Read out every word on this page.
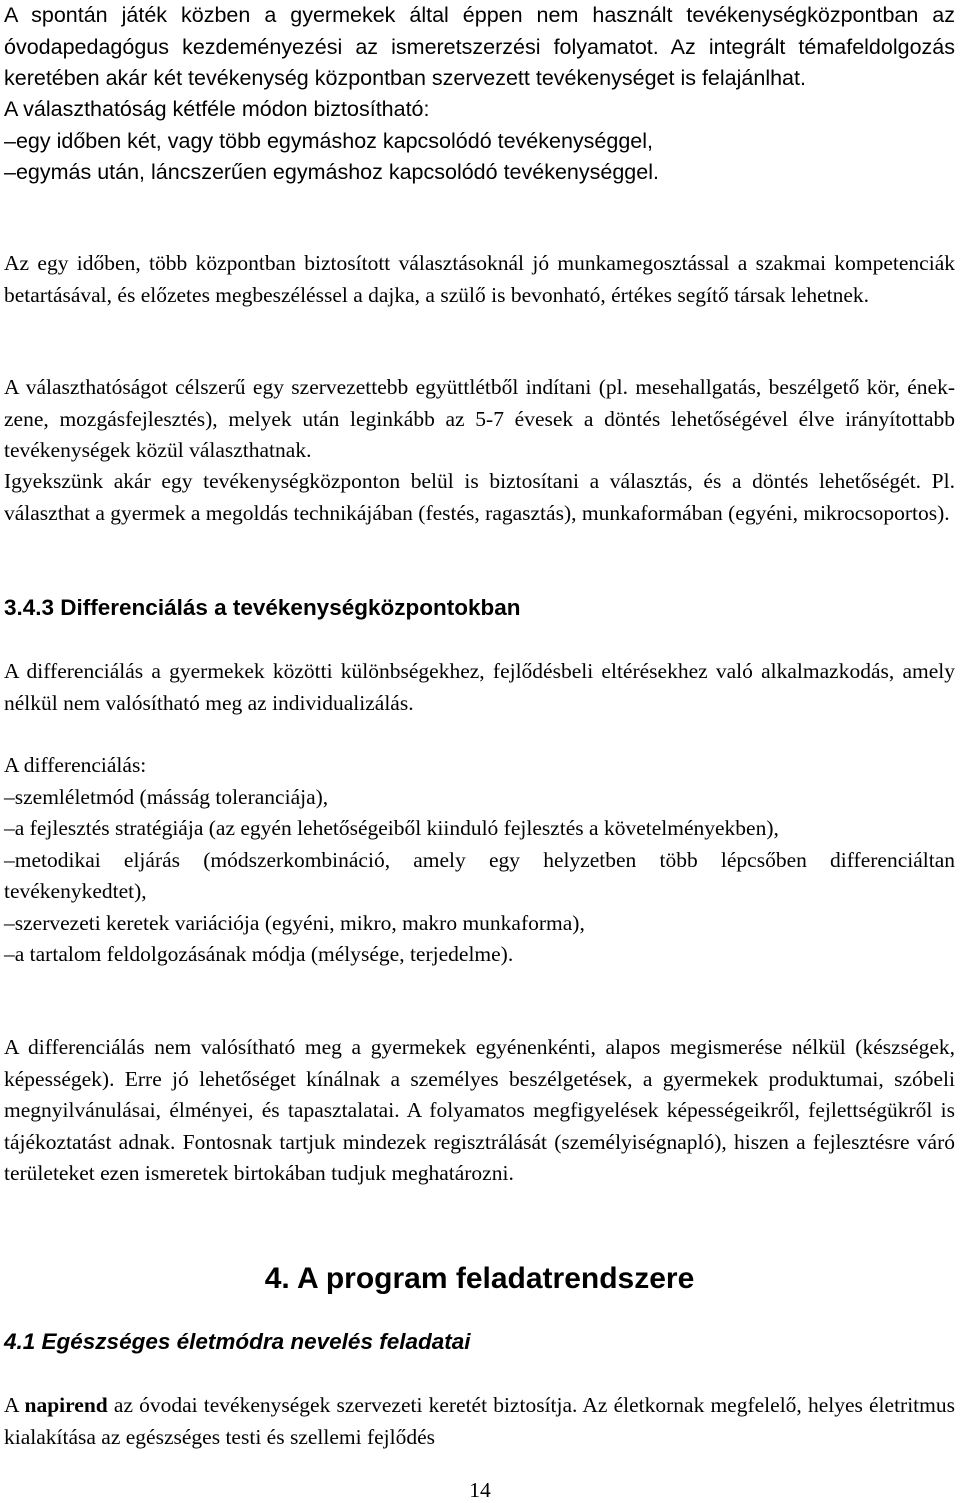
A spontán játék közben a gyermekek által éppen nem használt tevékenységközpontban az óvodapedagógus kezdeményezési az ismeretszerzési folyamatot. Az integrált témafeldolgozás keretében akár két tevékenység központban szervezett tevékenységet is felajánlhat.

A választhatóság kétféle módon biztosítható:
–egy időben két, vagy több egymáshoz kapcsolódó tevékenységgel,
–egymás után, láncszerűen egymáshoz kapcsolódó tevékenységgel.

Az egy időben, több központban biztosított választásoknál jó munkamegosztással a szakmai kompetenciák betartásával, és előzetes megbeszéléssel a dajka, a szülő is bevonható, értékes segítő társak lehetnek.

A választhatóságot célszerű egy szervezettebb együttlétből indítani (pl. mesehallgatás, beszélgető kör, ének-zene, mozgásfejlesztés), melyek után leginkább az 5-7 évesek a döntés lehetőségével élve irányítottabb tevékenységek közül választhatnak.

Igyekszünk akár egy tevékenységközponton belül is biztosítani a választás, és a döntés lehetőségét. Pl. választhat a gyermek a megoldás technikájában (festés, ragasztás), munkaformában (egyéni, mikrocsoportos).

3.4.3 Differenciálás a tevékenységközpontokban

A differenciálás a gyermekek közötti különbségekhez, fejlődésbeli eltérésekhez való alkalmazkodás, amely nélkül nem valósítható meg az individualizálás.

A differenciálás:

–szemléletmód (másság toleranciája),

–a fejlesztés stratégiája (az egyén lehetőségeiből kiinduló fejlesztés a követelményekben),

–metodikai eljárás (módszerkombináció, amely egy helyzetben több lépcsőben differenciáltan tevékenykedtet),

–szervezeti keretek variációja (egyéni, mikro, makro munkaforma),

–a tartalom feldolgozásának módja (mélysége, terjedelme).

A differenciálás nem valósítható meg a gyermekek egyénenkénti, alapos megismerése nélkül (készségek, képességek). Erre jó lehetőséget kínálnak a személyes beszélgetések, a gyermekek produktumai, szóbeli megnyilvánulásai, élményei, és tapasztalatai. A folyamatos megfigyelések képességeikről, fejlettségükről is tájékoztatást adnak. Fontosnak tartjuk mindezek regisztrálását (személyiségnapló), hiszen a fejlesztésre váró területeket ezen ismeretek birtokában tudjuk meghatározni.

4. A program feladatrendszere
4.1 Egészséges életmódra nevelés feladatai

A napirend az óvodai tevékenységek szervezeti keretét biztosítja. Az életkornak megfelelő, helyes életritmus kialakítása az egészséges testi és szellemi fejlődés

14
